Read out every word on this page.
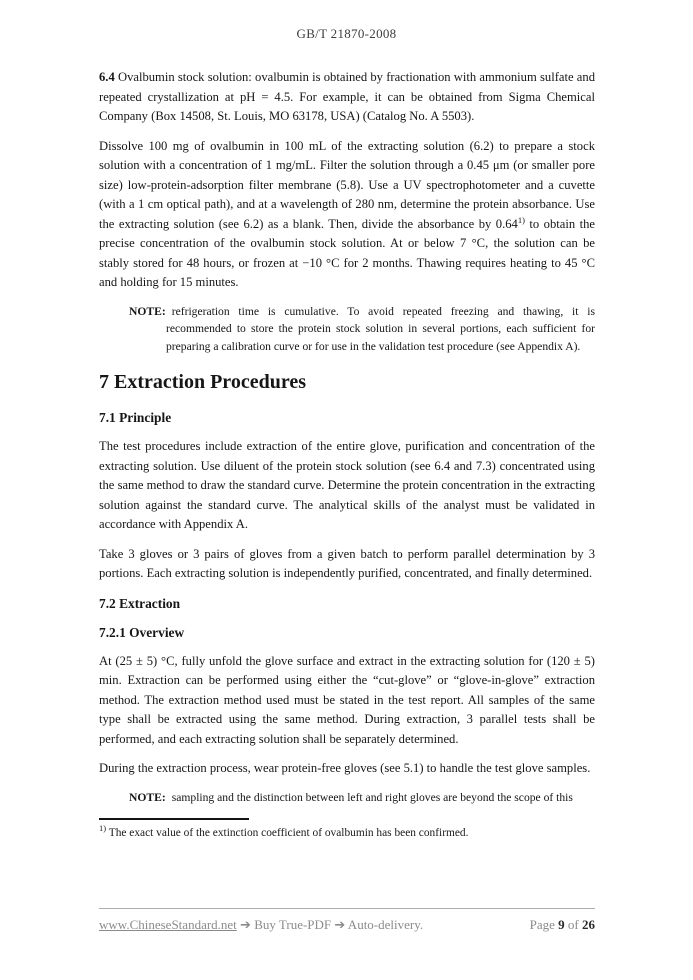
GB/T 21870-2008

6.4 Ovalbumin stock solution: ovalbumin is obtained by fractionation with ammonium sulfate and repeated crystallization at pH = 4.5. For example, it can be obtained from Sigma Chemical Company (Box 14508, St. Louis, MO 63178, USA) (Catalog No. A 5503).

Dissolve 100 mg of ovalbumin in 100 mL of the extracting solution (6.2) to prepare a stock solution with a concentration of 1 mg/mL. Filter the solution through a 0.45 μm (or smaller pore size) low-protein-adsorption filter membrane (5.8). Use a UV spectrophotometer and a cuvette (with a 1 cm optical path), and at a wavelength of 280 nm, determine the protein absorbance. Use the extracting solution (see 6.2) as a blank. Then, divide the absorbance by 0.64$^{1)}$ to obtain the precise concentration of the ovalbumin stock solution. At or below 7 °C, the solution can be stably stored for 48 hours, or frozen at −10 °C for 2 months. Thawing requires heating to 45 °C and holding for 15 minutes.

NOTE: refrigeration time is cumulative. To avoid repeated freezing and thawing, it is recommended to store the protein stock solution in several portions, each sufficient for preparing a calibration curve or for use in the validation test procedure (see Appendix A).

7 Extraction Procedures
7.1 Principle

The test procedures include extraction of the entire glove, purification and concentration of the extracting solution. Use diluent of the protein stock solution (see 6.4 and 7.3) concentrated using the same method to draw the standard curve. Determine the protein concentration in the extracting solution against the standard curve. The analytical skills of the analyst must be validated in accordance with Appendix A.

Take 3 gloves or 3 pairs of gloves from a given batch to perform parallel determination by 3 portions. Each extracting solution is independently purified, concentrated, and finally determined.

7.2 Extraction
7.2.1 Overview

At (25 ± 5) °C, fully unfold the glove surface and extract in the extracting solution for (120 ± 5) min. Extraction can be performed using either the “cut-glove” or “glove-in-glove” extraction method. The extraction method used must be stated in the test report. All samples of the same type shall be extracted using the same method. During extraction, 3 parallel tests shall be performed, and each extracting solution shall be separately determined.

During the extraction process, wear protein-free gloves (see 5.1) to handle the test glove samples.

NOTE: sampling and the distinction between left and right gloves are beyond the scope of this

$^{1)}$ The exact value of the extinction coefficient of ovalbumin has been confirmed.

www.ChineseStandard.net ➔ Buy True-PDF ➔ Auto-delivery.	Page 9 of 26
